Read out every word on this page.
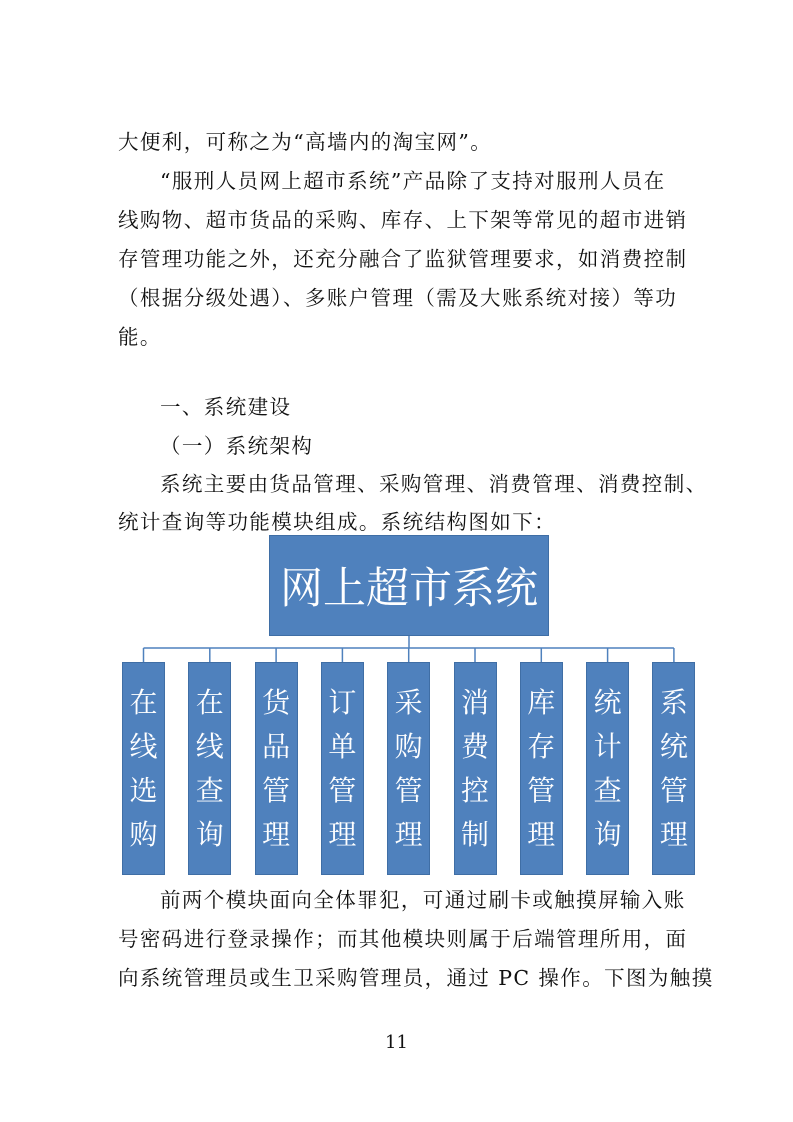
大便利，可称之为“高墙内的淘宝网”。
“服刑人员网上超市系统”产品除了支持对服刑人员在
线购物、超市货品的采购、库存、上下架等常见的超市进销
存管理功能之外，还充分融合了监狱管理要求，如消费控制
（根据分级处遇）、多账户管理（需及大账系统对接）等功
能。
一、系统建设
（一）系统架构
系统主要由货品管理、采购管理、消费管理、消费控制、
统计查询等功能模块组成。系统结构图如下：
网上超市系统
在
线
选
购
在
线
查
询
货
品
管
理
订
单
管
理
采
购
管
理
消
费
控
制
库
存
管
理
统
计
查
询
系
统
管
理
前两个模块面向全体罪犯，可通过刷卡或触摸屏输入账
号密码进行登录操作；而其他模块则属于后端管理所用，面
向系统管理员或生卫采购管理员，通过 PC 操作。下图为触摸
11
